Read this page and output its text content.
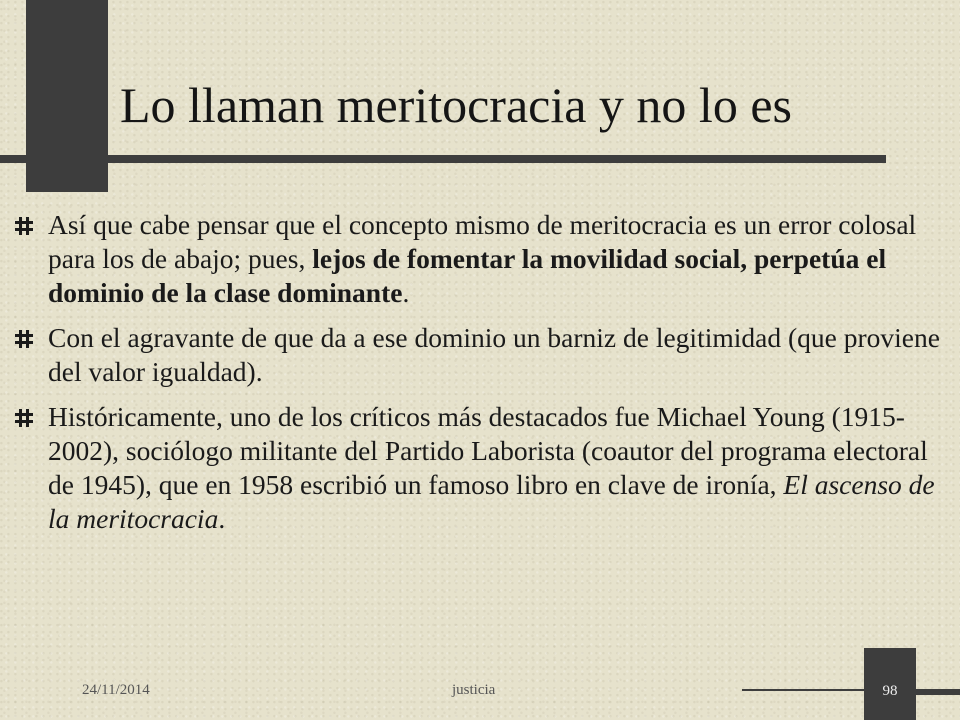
Lo llaman meritocracia y no lo es
Así que cabe pensar que el concepto mismo de meritocracia es un error colosal para los de abajo; pues, lejos de fomentar la movilidad social, perpetúa el dominio de la clase dominante.
Con el agravante de que da a ese dominio un barniz de legitimidad (que proviene del valor igualdad).
Históricamente, uno de los críticos más destacados fue Michael Young (1915-2002), sociólogo militante del Partido Laborista (coautor del programa electoral de 1945), que en 1958 escribió un famoso libro en clave de ironía, El ascenso de la meritocracia.
24/11/2014	justicia	98
